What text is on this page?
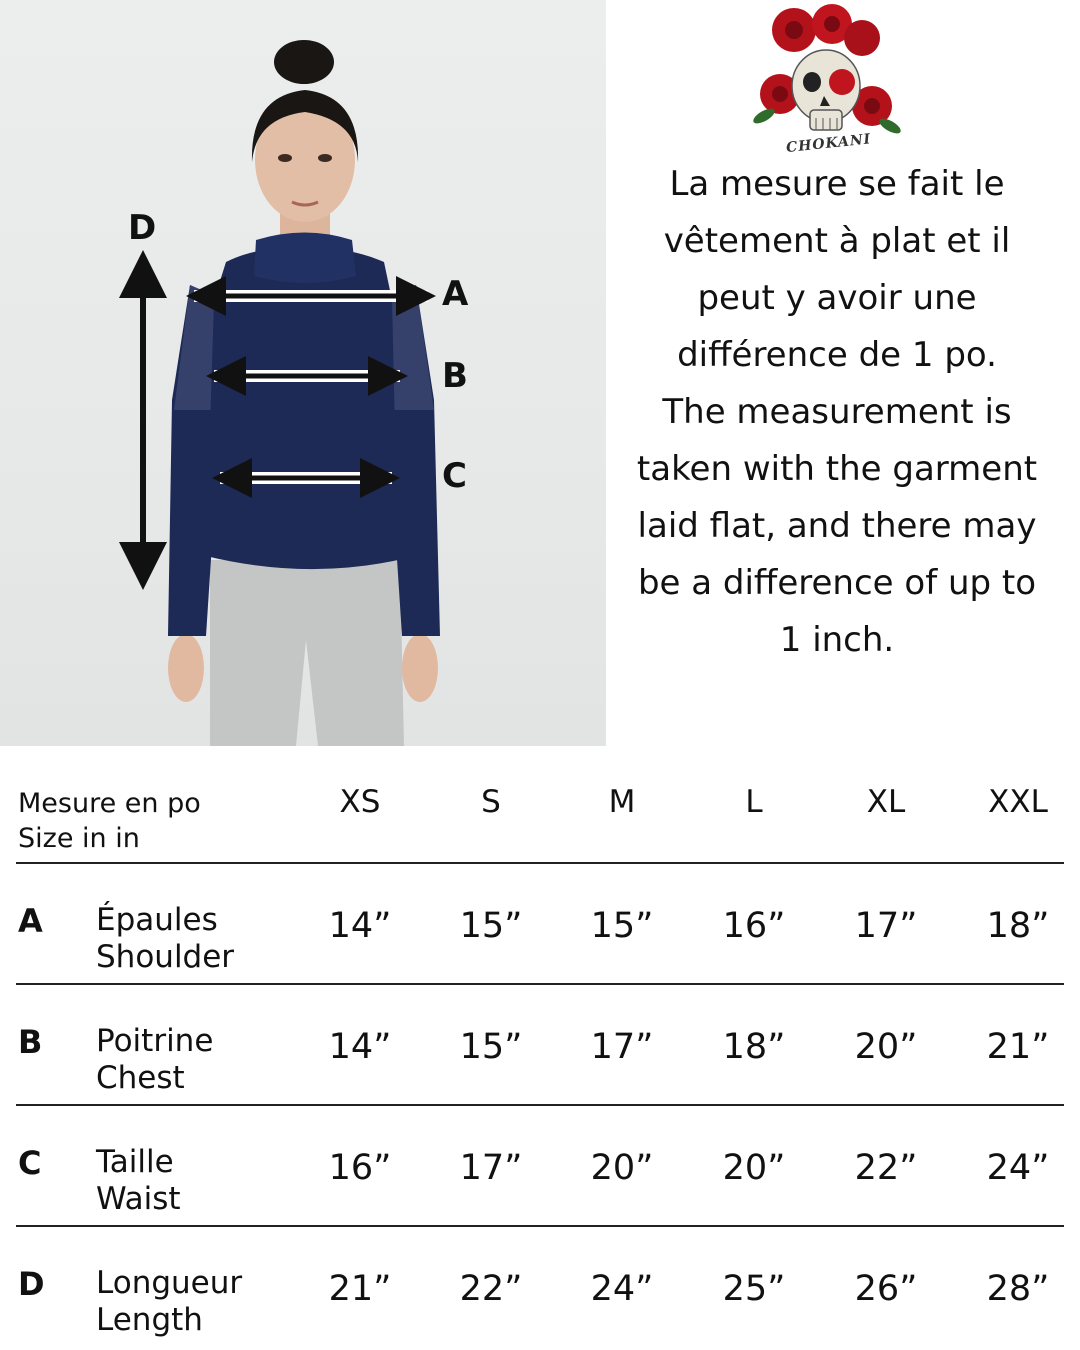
D
A
B
C
CHOKANI

La mesure se fait le vêtement à plat et il peut y avoir une différence de 1 po.

The measurement is taken with the garment laid flat, and there may be a difference of up to 1 inch.

Mesure en po
Size in in
XS	S	M	L	XL	XXL
A Épaules
Shoulder
14”	15”	15”	16”	17”	18”
B Poitrine
Chest
14”	15”	17”	18”	20”	21”
C Taille
Waist
16”	17”	20”	20”	22”	24”
D Longueur
Length
21”	22”	24”	25”	26”	28”
